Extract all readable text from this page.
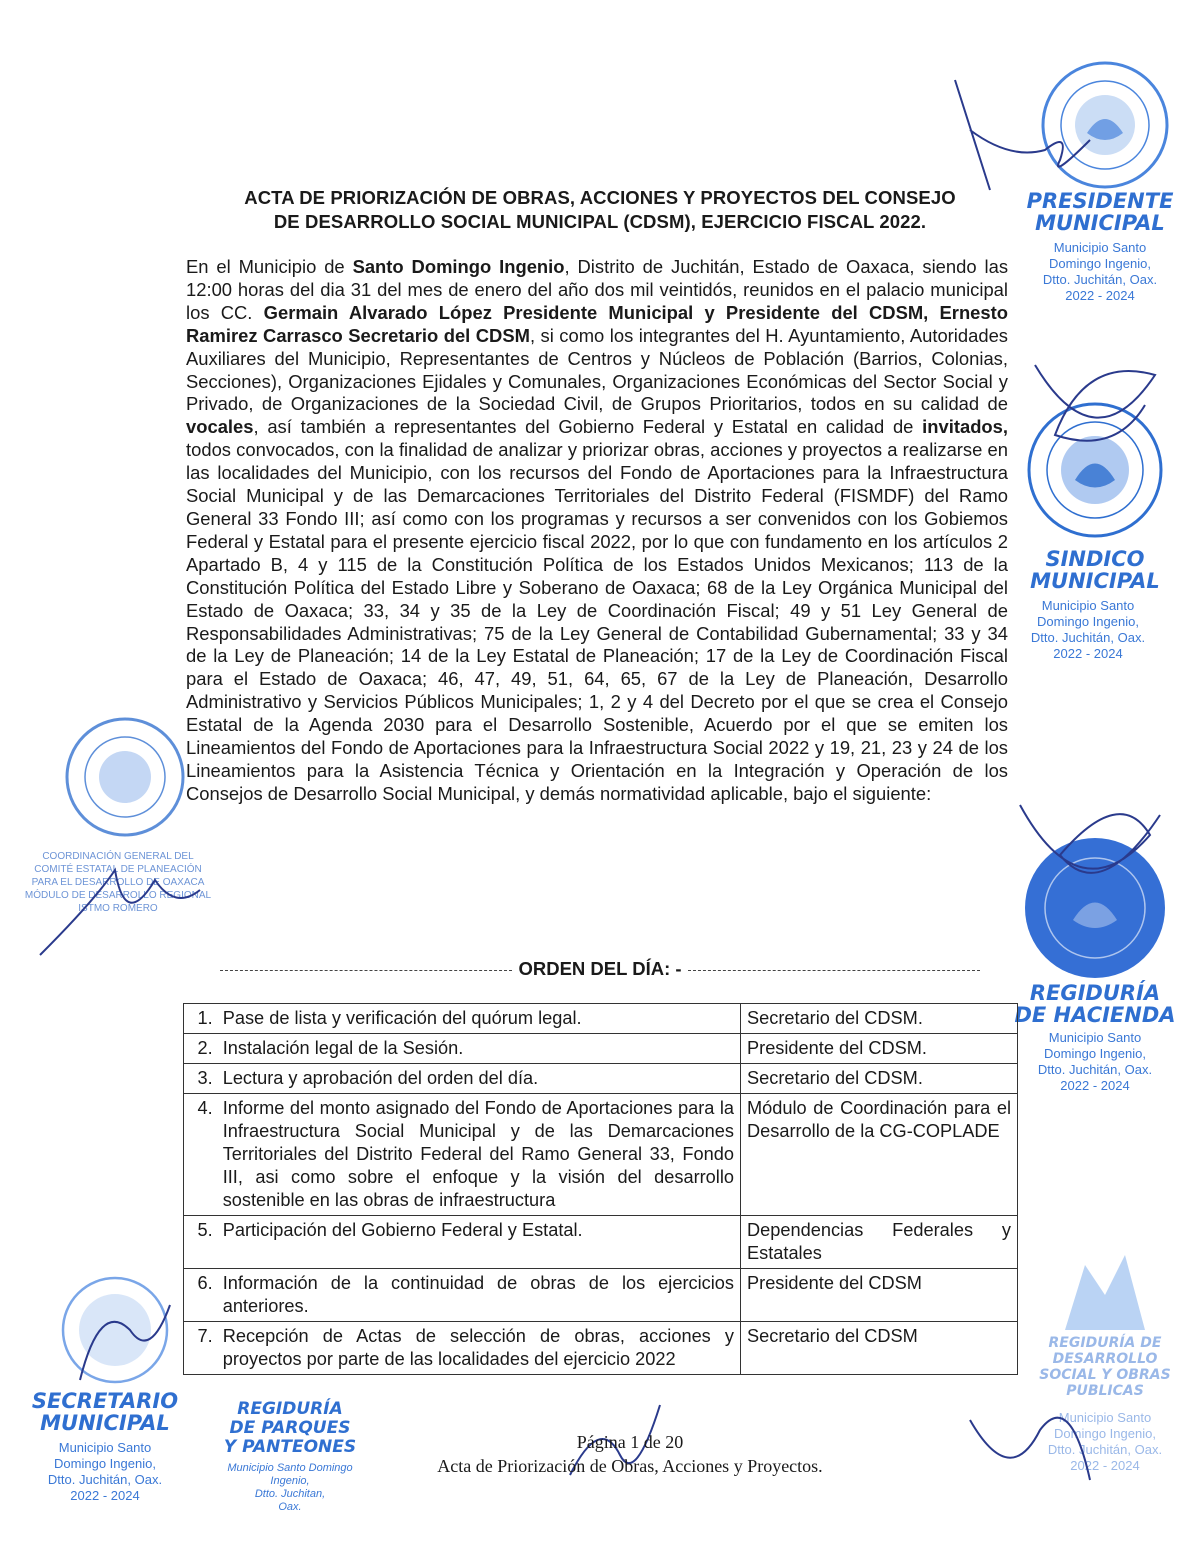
PRESIDENTE
MUNICIPAL
Municipio Santo
Domingo Ingenio,
Dtto. Juchitán, Oax.
2022 - 2024
SINDICO
MUNICIPAL
Municipio Santo
Domingo Ingenio,
Dtto. Juchitán, Oax.
2022 - 2024
REGIDURÍA
DE HACIENDA
Municipio Santo
Domingo Ingenio,
Dtto. Juchitán, Oax.
2022 - 2024
REGIDURÍA DE
DESARROLLO
SOCIAL Y OBRAS
PUBLICAS
Municipio Santo
Domingo Ingenio,
Dtto. Juchitán, Oax.
2022 - 2024
SECRETARIO
MUNICIPAL
Municipio Santo
Domingo Ingenio,
Dtto. Juchitán, Oax.
2022 - 2024
REGIDURÍA
DE PARQUES
Y PANTEONES
Municipio Santo Domingo
Ingenio,
Dtto. Juchitan,
Oax.
COORDINACIÓN GENERAL DEL
COMITÉ ESTATAL DE PLANEACIÓN
PARA EL DESARROLLO DE OAXACA
MÓDULO DE DESARROLLO REGIONAL
ISTMO ROMERO
ACTA DE PRIORIZACIÓN DE OBRAS, ACCIONES Y PROYECTOS DEL CONSEJO
DE DESARROLLO SOCIAL MUNICIPAL (CDSM), EJERCICIO FISCAL 2022.
En el Municipio de Santo Domingo Ingenio, Distrito de Juchitán, Estado de Oaxaca, siendo las 12:00 horas del dia 31 del mes de enero del año dos mil veintidós, reunidos en el palacio municipal los CC. Germain Alvarado López Presidente Municipal y Presidente del CDSM, Ernesto Ramirez Carrasco Secretario del CDSM, si como los integrantes del H. Ayuntamiento, Autoridades Auxiliares del Municipio, Representantes de Centros y Núcleos de Población (Barrios, Colonias, Secciones), Organizaciones Ejidales y Comunales, Organizaciones Económicas del Sector Social y Privado, de Organizaciones de la Sociedad Civil, de Grupos Prioritarios, todos en su calidad de vocales, así también a representantes del Gobierno Federal y Estatal en calidad de invitados, todos convocados, con la finalidad de analizar y priorizar obras, acciones y proyectos a realizarse en las localidades del Municipio, con los recursos del Fondo de Aportaciones para la Infraestructura Social Municipal y de las Demarcaciones Territoriales del Distrito Federal (FISMDF) del Ramo General 33 Fondo III; así como con los programas y recursos a ser convenidos con los Gobiemos Federal y Estatal para el presente ejercicio fiscal 2022, por lo que con fundamento en los artículos 2 Apartado B, 4 y 115 de la Constitución Política de los Estados Unidos Mexicanos; 113 de la Constitución Política del Estado Libre y Soberano de Oaxaca; 68 de la Ley Orgánica Municipal del Estado de Oaxaca; 33, 34 y 35 de la Ley de Coordinación Fiscal; 49 y 51 Ley General de Responsabilidades Administrativas; 75 de la Ley General de Contabilidad Gubernamental; 33 y 34 de la Ley de Planeación; 14 de la Ley Estatal de Planeación; 17 de la Ley de Coordinación Fiscal para el Estado de Oaxaca; 46, 47, 49, 51, 64, 65, 67 de la Ley de Planeación, Desarrollo Administrativo y Servicios Públicos Municipales; 1, 2 y 4 del Decreto por el que se crea el Consejo Estatal de la Agenda 2030 para el Desarrollo Sostenible, Acuerdo por el que se emiten los Lineamientos del Fondo de Aportaciones para la Infraestructura Social 2022 y 19, 21, 23 y 24 de los Lineamientos para la Asistencia Técnica y Orientación en la Integración y Operación de los Consejos de Desarrollo Social Municipal, y demás normatividad aplicable, bajo el siguiente:
ORDEN DEL DÍA: -
1.	Pase de lista y verificación del quórum legal.	Secretario del CDSM.
2.	Instalación legal de la Sesión.	Presidente del CDSM.
3.	Lectura y aprobación del orden del día.	Secretario del CDSM.
4.	Informe del monto asignado del Fondo de Aportaciones para la Infraestructura Social Municipal y de las Demarcaciones Territoriales del Distrito Federal del Ramo General 33, Fondo III, asi como sobre el enfoque y la visión del desarrollo sostenible en las obras de infraestructura	Módulo de Coordinación para el Desarrollo de la CG-COPLADE
5.	Participación del Gobierno Federal y Estatal.	Dependencias Federales y Estatales
6.	Información de la continuidad de obras de los ejercicios anteriores.	Presidente del CDSM
7.	Recepción de Actas de selección de obras, acciones y proyectos por parte de las localidades del ejercicio 2022	Secretario del CDSM
Página 1 de 20
Acta de Priorización de Obras, Acciones y Proyectos.
